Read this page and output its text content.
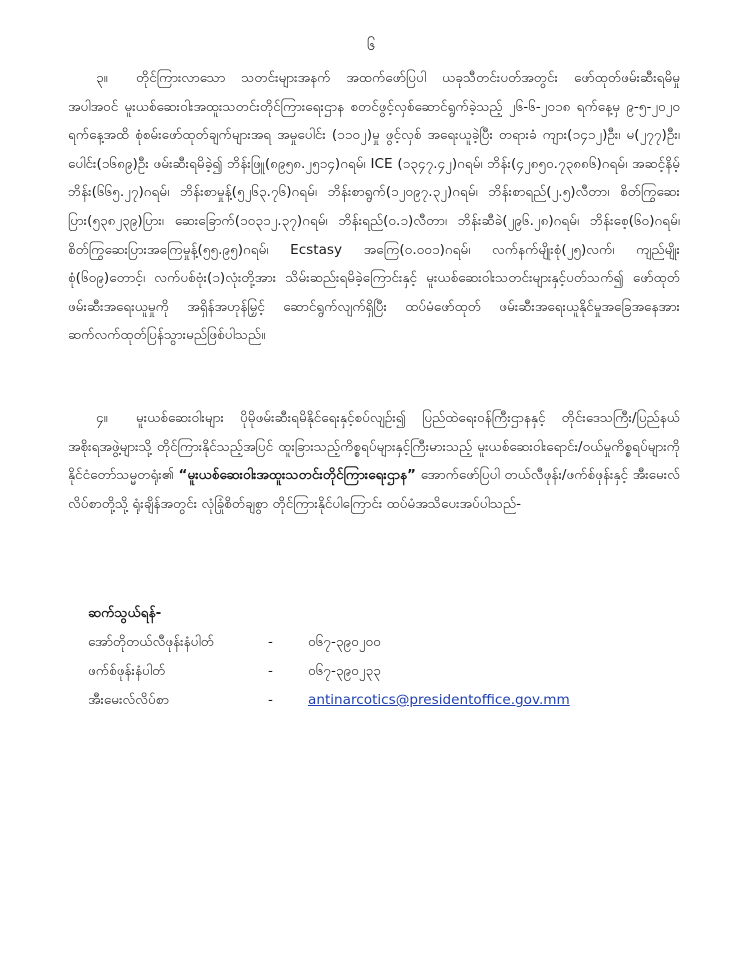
၆

၃။ တိုင်ကြားလာသော သတင်းများအနက် အထက်ဖော်ပြပါ ယခုသီတင်းပတ်အတွင်း ဖော်ထုတ်ဖမ်းဆီးရမိမှုအပါအဝင် မူးယစ်ဆေးဝါးအထူးသတင်းတိုင်ကြားရေးဌာန စတင်ဖွင့်လှစ်ဆောင်ရွက်ခဲ့သည့် ၂၆-၆-၂၀၁၈ ရက်နေ့မှ ၉-၅-၂၀၂၀ ရက်နေ့အထိ စုံစမ်းဖော်ထုတ်ချက်များအရ အမှုပေါင်း (၁၁၀၂)မှု ဖွင့်လှစ် အရေးယူခဲ့ပြီး တရားခံ ကျား(၁၄၁၂)ဦး၊ မ(၂၇၇)ဦး၊ ပေါင်း(၁၆၈၉)ဦး ဖမ်းဆီးရမိခဲ့၍ ဘိန်းဖြူ(၈၉၅၈.၂၅၁၄)ဂရမ်၊ ICE (၁၃၄၇.၄၂)ဂရမ်၊ ဘိန်း(၄၂၈၅၀.၇၃၈၈၆)ဂရမ်၊ အဆင့်နိမ့်ဘိန်း(၆၆၅.၂၇)ဂရမ်၊ ဘိန်းစာမှုန့်(၅၂၆၃.၇၆)ဂရမ်၊ ဘိန်းစာရွက်(၁၂၀၉၇.၃၂)ဂရမ်၊ ဘိန်းစာရည်(၂.၅)လီတာ၊ စိတ်ကြွဆေးပြား(၅၃၈၂၃၉)ပြား၊ ဆေးခြောက်(၁၀၃၁၂.၃၇)ဂရမ်၊ ဘိန်းရည်(၀.၁)လီတာ၊ ဘိန်းဆီခဲ(၂၉၆.၂၈)ဂရမ်၊ ဘိန်းစေ့(၆၀)ဂရမ်၊ စိတ်ကြွဆေးပြားအကြေမှုန့်(၅၅.၉၅)ဂရမ်၊ Ecstasy အကြေ(၀.၀၀၁)ဂရမ်၊ လက်နက်မျိုးစုံ(၂၅)လက်၊ ကျည်မျိုးစုံ(၆၀၉)တောင့်၊ လက်ပစ်ဗုံး(၁)လုံးတို့အား သိမ်းဆည်းရမိခဲ့ကြောင်းနှင့် မူးယစ်ဆေးဝါးသတင်းများနှင့်ပတ်သက်၍ ဖော်ထုတ်ဖမ်းဆီးအရေးယူမှုကို အရှိန်အဟုန်မြှင့် ဆောင်ရွက်လျက်ရှိပြီး ထပ်မံဖော်ထုတ် ဖမ်းဆီးအရေးယူနိုင်မှုအခြေအနေအား ဆက်လက်ထုတ်ပြန်သွားမည်ဖြစ်ပါသည်။

၄။ မူးယစ်ဆေးဝါးများ ပိုမိုဖမ်းဆီးရမိနိုင်ရေးနှင့်စပ်လျဉ်း၍ ပြည်ထဲရေးဝန်ကြီးဌာနနှင့် တိုင်းဒေသကြီး/ပြည်နယ်အစိုးရအဖွဲ့များသို့ တိုင်ကြားနိုင်သည့်အပြင် ထူးခြားသည့်ကိစ္စရပ်များနှင့်ကြီးမားသည့် မူးယစ်ဆေးဝါးရောင်း/ဝယ်မှုကိစ္စရပ်များကို နိုင်ငံတော်သမ္မတရုံး၏ “မူးယစ်ဆေးဝါးအထူးသတင်းတိုင်ကြားရေးဌာန” အောက်ဖော်ပြပါ တယ်လီဖုန်း/ဖက်စ်ဖုန်းနှင့် အီးမေးလ်လိပ်စာတို့သို့ ရုံးချိန်အတွင်း လုံခြုံစိတ်ချစွာ တိုင်ကြားနိုင်ပါကြောင်း ထပ်မံအသိပေးအပ်ပါသည်-

ဆက်သွယ်ရန်-
အော်တိုတယ်လီဖုန်းနံပါတ်	-	၀၆၇-၃၉၀၂၀၀
ဖက်စ်ဖုန်းနံပါတ်	-	၀၆၇-၃၉၀၂၃၃
အီးမေးလ်လိပ်စာ	-	antinarcotics@presidentoffice.gov.mm
